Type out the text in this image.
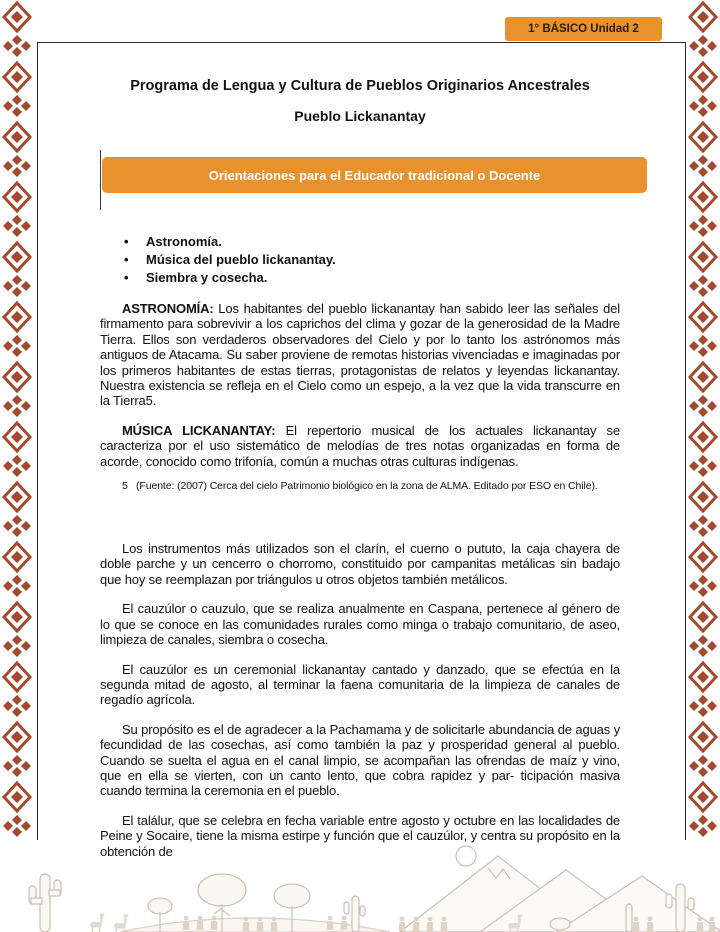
1° BÁSICO Unidad 2
Programa de Lengua y Cultura de Pueblos Originarios Ancestrales
Pueblo Lickanantay
Orientaciones para el Educador tradicional o Docente
• Astronomía.
• Música del pueblo lickanantay.
• Siembra y cosecha.

ASTRONOMÍA: Los habitantes del pueblo lickanantay han sabido leer las señales del firmamento para sobrevivir a los caprichos del clima y gozar de la generosidad de la Madre Tierra. Ellos son verdaderos observadores del Cielo y por lo tanto los astrónomos más antiguos de Atacama. Su saber proviene de remotas historias vivenciadas e imaginadas por los primeros habitantes de estas tierras, protagonistas de relatos y leyendas lickanantay. Nuestra existencia se refleja en el Cielo como un espejo, a la vez que la vida transcurre en la Tierra5.

MÚSICA LICKANANTAY: El repertorio musical de los actuales lickanantay se caracteriza por el uso sistemático de melodías de tres notas organizadas en forma de acorde, conocido como trifonía, común a muchas otras culturas indígenas.

5 (Fuente: (2007) Cerca del cielo Patrimonio biológico en la zona de ALMA. Editado por ESO en Chile).

Los instrumentos más utilizados son el clarín, el cuerno o pututo, la caja chayera de doble parche y un cencerro o chorromo, constituido por campanitas metálicas sin badajo que hoy se reemplazan por triángulos u otros objetos también metálicos.

El cauzúlor o cauzulo, que se realiza anualmente en Caspana, pertenece al género de lo que se conoce en las comunidades rurales como minga o trabajo comunitario, de aseo, limpieza de canales, siembra o cosecha.

El cauzúlor es un ceremonial lickanantay cantado y danzado, que se efectúa en la segunda mitad de agosto, al terminar la faena comunitaria de la limpieza de canales de regadío agrícola.

Su propósito es el de agradecer a la Pachamama y de solicitarle abundancia de aguas y fecundidad de las cosechas, así como también la paz y prosperidad general al pueblo. Cuando se suelta el agua en el canal limpio, se acompañan las ofrendas de maíz y vino, que en ella se vierten, con un canto lento, que cobra rapidez y par- ticipación masiva cuando termina la ceremonia en el pueblo.

El találur, que se celebra en fecha variable entre agosto y octubre en las localidades de Peine y Socaire, tiene la misma estirpe y función que el cauzúlor, y centra su propósito en la obtención de
